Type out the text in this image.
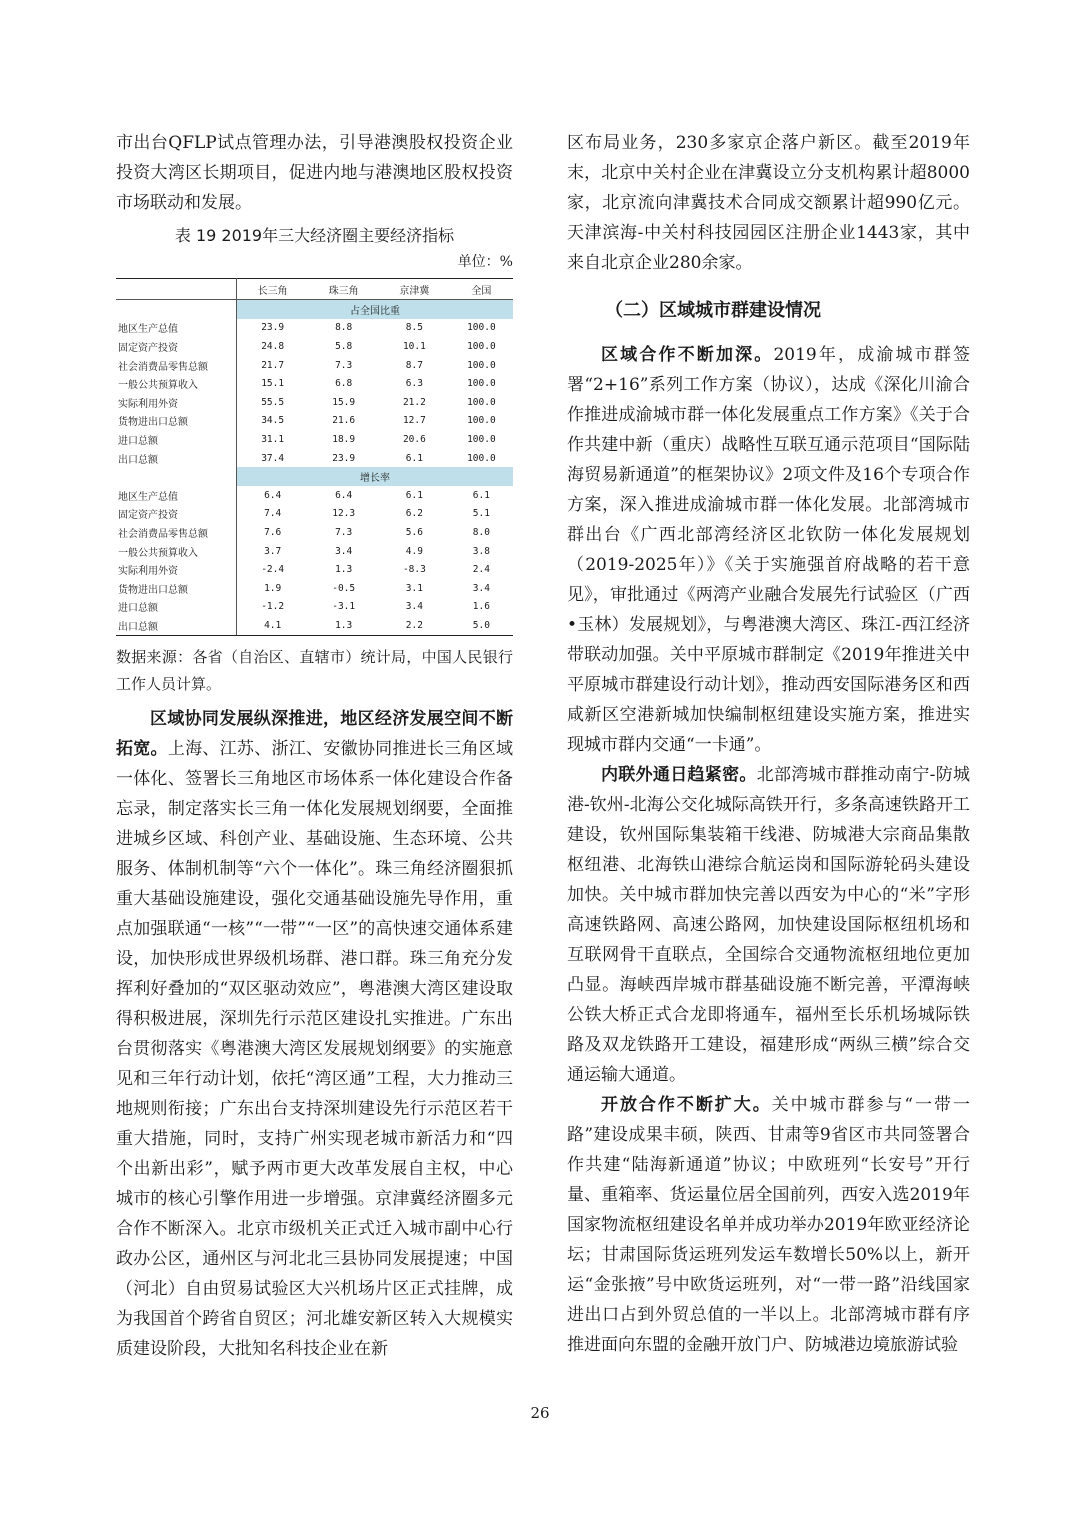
市出台QFLP试点管理办法，引导港澳股权投资企业投资大湾区长期项目，促进内地与港澳地区股权投资市场联动和发展。

表 19 2019年三大经济圈主要经济指标
单位：%
	长三角	珠三角	京津冀	全国
	占全国比重			
地区生产总值	23.9	8.8	8.5	100.0
固定资产投资	24.8	5.8	10.1	100.0
社会消费品零售总额	21.7	7.3	8.7	100.0
一般公共预算收入	15.1	6.8	6.3	100.0
实际利用外资	55.5	15.9	21.2	100.0
货物进出口总额	34.5	21.6	12.7	100.0
进口总额	31.1	18.9	20.6	100.0
出口总额	37.4	23.9	6.1	100.0
	增长率			
地区生产总值	6.4	6.4	6.1	6.1
固定资产投资	7.4	12.3	6.2	5.1
社会消费品零售总额	7.6	7.3	5.6	8.0
一般公共预算收入	3.7	3.4	4.9	3.8
实际利用外资	-2.4	1.3	-8.3	2.4
货物进出口总额	1.9	-0.5	3.1	3.4
进口总额	-1.2	-3.1	3.4	1.6
出口总额	4.1	1.3	2.2	5.0
数据来源：各省（自治区、直辖市）统计局，中国人民银行工作人员计算。

区域协同发展纵深推进，地区经济发展空间不断拓宽。上海、江苏、浙江、安徽协同推进长三角区域一体化、签署长三角地区市场体系一体化建设合作备忘录，制定落实长三角一体化发展规划纲要，全面推进城乡区域、科创产业、基础设施、生态环境、公共服务、体制机制等“六个一体化”。珠三角经济圈狠抓重大基础设施建设，强化交通基础设施先导作用，重点加强联通“一核”“一带”“一区”的高快速交通体系建设，加快形成世界级机场群、港口群。珠三角充分发挥利好叠加的“双区驱动效应”，粤港澳大湾区建设取得积极进展，深圳先行示范区建设扎实推进。广东出台贯彻落实《粤港澳大湾区发展规划纲要》的实施意见和三年行动计划，依托“湾区通”工程，大力推动三地规则衔接；广东出台支持深圳建设先行示范区若干重大措施，同时，支持广州实现老城市新活力和“四个出新出彩”，赋予两市更大改革发展自主权，中心城市的核心引擎作用进一步增强。京津冀经济圈多元合作不断深入。北京市级机关正式迁入城市副中心行政办公区，通州区与河北北三县协同发展提速；中国（河北）自由贸易试验区大兴机场片区正式挂牌，成为我国首个跨省自贸区；河北雄安新区转入大规模实质建设阶段，大批知名科技企业在新

区布局业务，230多家京企落户新区。截至2019年末，北京中关村企业在津冀设立分支机构累计超8000家，北京流向津冀技术合同成交额累计超990亿元。天津滨海-中关村科技园园区注册企业1443家，其中来自北京企业280余家。

（二）区域城市群建设情况

区域合作不断加深。2019年，成渝城市群签署“2+16”系列工作方案（协议），达成《深化川渝合作推进成渝城市群一体化发展重点工作方案》《关于合作共建中新（重庆）战略性互联互通示范项目“国际陆海贸易新通道”的框架协议》2项文件及16个专项合作方案，深入推进成渝城市群一体化发展。北部湾城市群出台《广西北部湾经济区北钦防一体化发展规划（2019-2025年）》《关于实施强首府战略的若干意见》，审批通过《两湾产业融合发展先行试验区（广西•玉林）发展规划》，与粤港澳大湾区、珠江-西江经济带联动加强。关中平原城市群制定《2019年推进关中平原城市群建设行动计划》，推动西安国际港务区和西咸新区空港新城加快编制枢纽建设实施方案，推进实现城市群内交通“一卡通”。

内联外通日趋紧密。北部湾城市群推动南宁-防城港-钦州-北海公交化城际高铁开行，多条高速铁路开工建设，钦州国际集装箱干线港、防城港大宗商品集散枢纽港、北海铁山港综合航运岗和国际游轮码头建设加快。关中城市群加快完善以西安为中心的“米”字形高速铁路网、高速公路网，加快建设国际枢纽机场和互联网骨干直联点，全国综合交通物流枢纽地位更加凸显。海峡西岸城市群基础设施不断完善，平潭海峡公铁大桥正式合龙即将通车，福州至长乐机场城际铁路及双龙铁路开工建设，福建形成“两纵三横”综合交通运输大通道。

开放合作不断扩大。关中城市群参与“一带一路”建设成果丰硕，陕西、甘肃等9省区市共同签署合作共建“陆海新通道”协议；中欧班列“长安号”开行量、重箱率、货运量位居全国前列，西安入选2019年国家物流枢纽建设名单并成功举办2019年欧亚经济论坛；甘肃国际货运班列发运车数增长50%以上，新开运“金张掖”号中欧货运班列，对“一带一路”沿线国家进出口占到外贸总值的一半以上。北部湾城市群有序推进面向东盟的金融开放门户、防城港边境旅游试验

26
